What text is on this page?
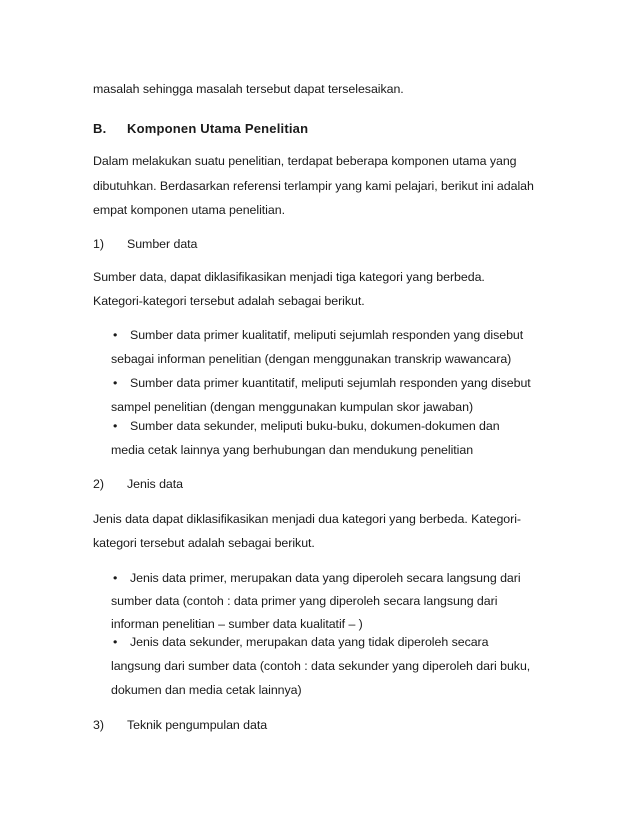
masalah sehingga masalah tersebut dapat terselesaikan.
B. Komponen Utama Penelitian
Dalam melakukan suatu penelitian, terdapat beberapa komponen utama yang
dibutuhkan. Berdasarkan referensi terlampir yang kami pelajari, berikut ini adalah
empat komponen utama penelitian.
1) Sumber data
Sumber data, dapat diklasifikasikan menjadi tiga kategori yang berbeda.
Kategori-kategori tersebut adalah sebagai berikut.
• Sumber data primer kualitatif, meliputi sejumlah responden yang disebut
sebagai informan penelitian (dengan menggunakan transkrip wawancara)
• Sumber data primer kuantitatif, meliputi sejumlah responden yang disebut
sampel penelitian (dengan menggunakan kumpulan skor jawaban)
• Sumber data sekunder, meliputi buku-buku, dokumen-dokumen dan
media cetak lainnya yang berhubungan dan mendukung penelitian
2) Jenis data
Jenis data dapat diklasifikasikan menjadi dua kategori yang berbeda. Kategori-
kategori tersebut adalah sebagai berikut.
• Jenis data primer, merupakan data yang diperoleh secara langsung dari
sumber data (contoh : data primer yang diperoleh secara langsung dari
informan penelitian – sumber data kualitatif – )
• Jenis data sekunder, merupakan data yang tidak diperoleh secara
langsung dari sumber data (contoh : data sekunder yang diperoleh dari buku,
dokumen dan media cetak lainnya)
3) Teknik pengumpulan data
